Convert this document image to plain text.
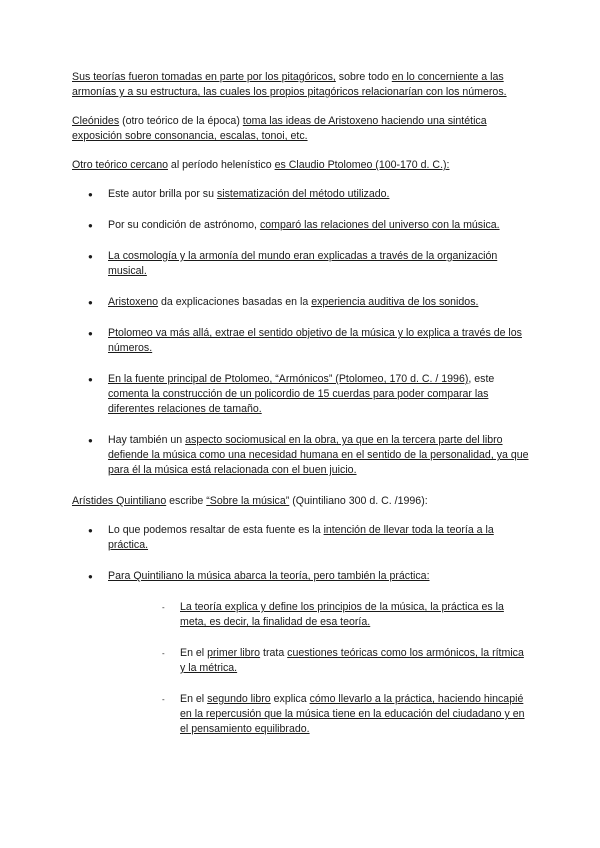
Sus teorías fueron tomadas en parte por los pitagóricos, sobre todo en lo concerniente a las armonías y a su estructura, las cuales los propios pitagóricos relacionarían con los números.

Cleónides (otro teórico de la época) toma las ideas de Aristoxeno haciendo una sintética exposición sobre consonancia, escalas, tonoi, etc.

Otro teórico cercano al período helenístico es Claudio Ptolomeo (100-170 d. C.):

● Este autor brilla por su sistematización del método utilizado.
● Por su condición de astrónomo, comparó las relaciones del universo con la música.
● La cosmología y la armonía del mundo eran explicadas a través de la organización musical.
● Aristoxeno da explicaciones basadas en la experiencia auditiva de los sonidos.
● Ptolomeo va más allá, extrae el sentido objetivo de la música y lo explica a través de los números.
● En la fuente principal de Ptolomeo, “Armónicos” (Ptolomeo, 170 d. C. / 1996), este comenta la construcción de un policordio de 15 cuerdas para poder comparar las diferentes relaciones de tamaño.
● Hay también un aspecto sociomusical en la obra, ya que en la tercera parte del libro defiende la música como una necesidad humana en el sentido de la personalidad, ya que para él la música está relacionada con el buen juicio.

Arístides Quintiliano escribe “Sobre la música” (Quintiliano 300 d. C. /1996):

● Lo que podemos resaltar de esta fuente es la intención de llevar toda la teoría a la práctica.

● Para Quintiliano la música abarca la teoría, pero también la práctica:

- La teoría explica y define los principios de la música, la práctica es la meta, es decir, la finalidad de esa teoría.
- En el primer libro trata cuestiones teóricas como los armónicos, la rítmica y la métrica.
- En el segundo libro explica cómo llevarlo a la práctica, haciendo hincapié en la repercusión que la música tiene en la educación del ciudadano y en el pensamiento equilibrado.
